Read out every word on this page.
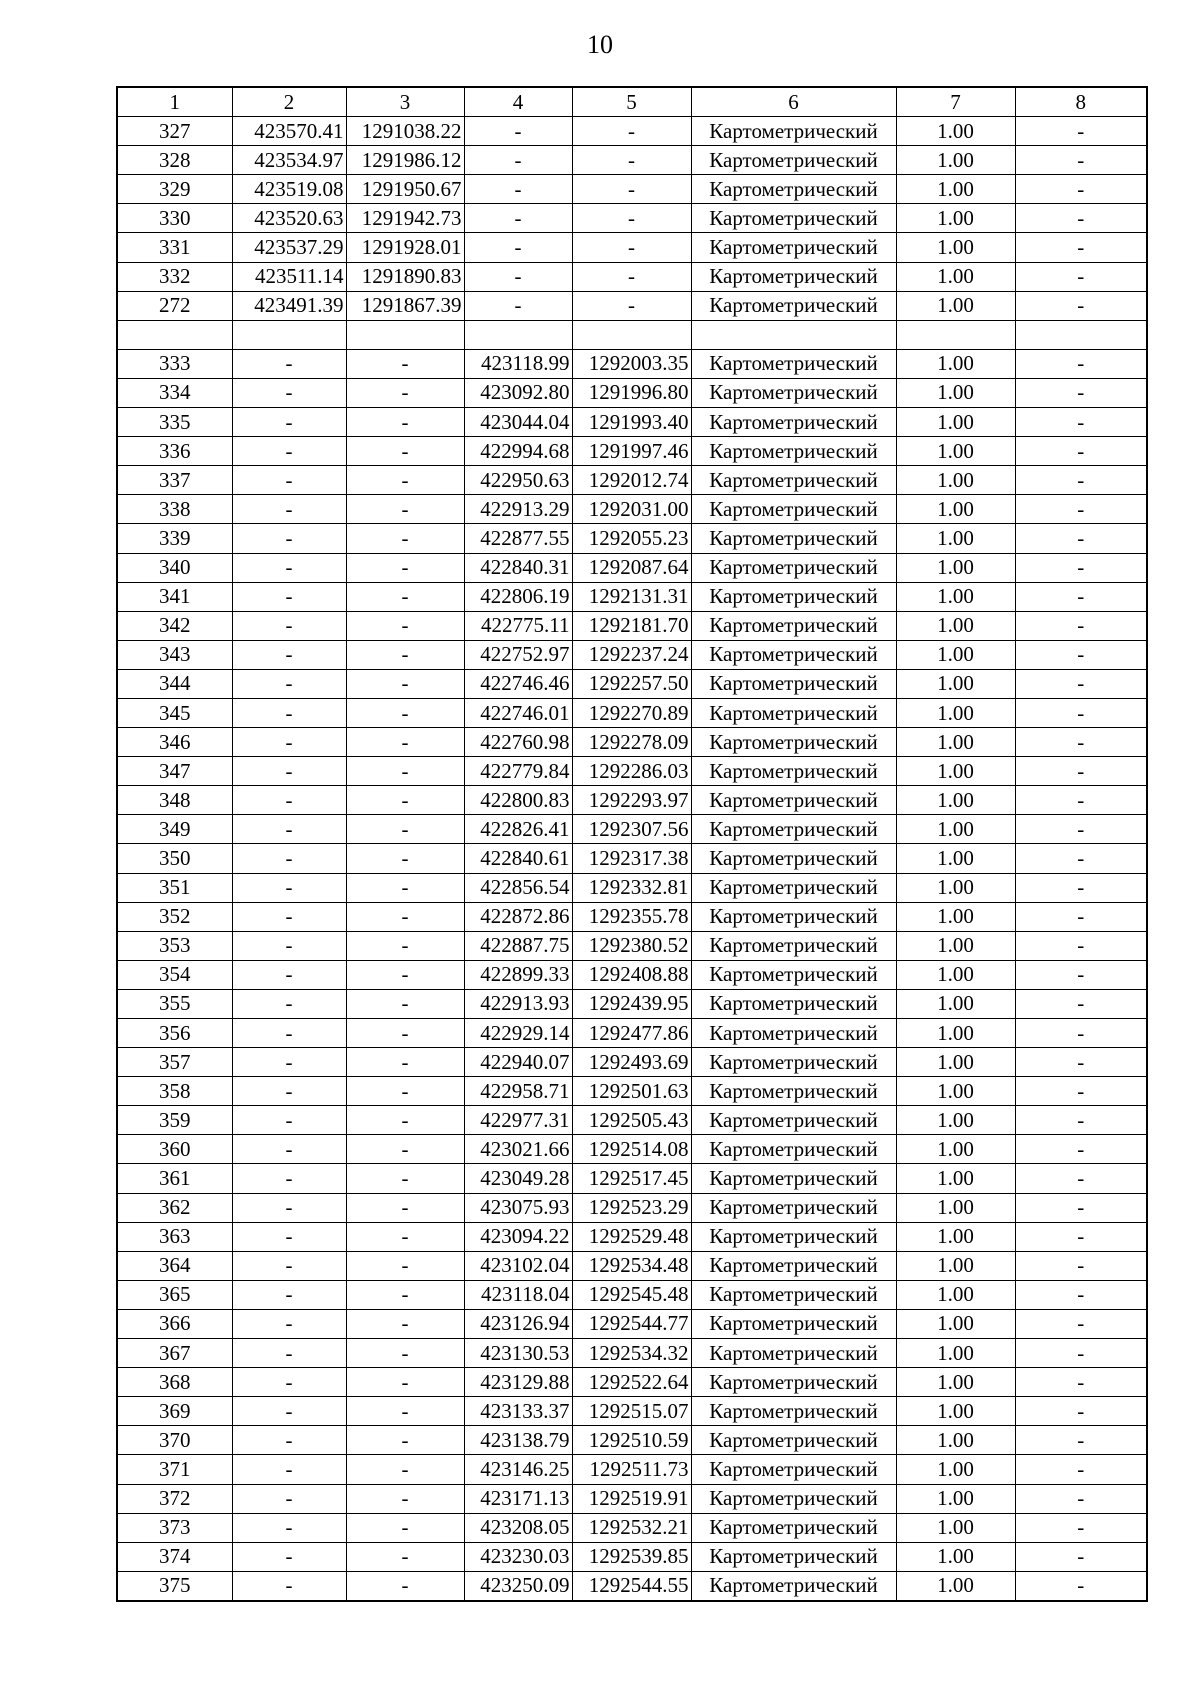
10
1	2	3	4	5	6	7	8
327	423570.41	1291038.22	-	-	Картометрический	1.00	-
328	423534.97	1291986.12	-	-	Картометрический	1.00	-
329	423519.08	1291950.67	-	-	Картометрический	1.00	-
330	423520.63	1291942.73	-	-	Картометрический	1.00	-
331	423537.29	1291928.01	-	-	Картометрический	1.00	-
332	423511.14	1291890.83	-	-	Картометрический	1.00	-
272	423491.39	1291867.39	-	-	Картометрический	1.00	-

333	-	-	423118.99	1292003.35	Картометрический	1.00	-
334	-	-	423092.80	1291996.80	Картометрический	1.00	-
335	-	-	423044.04	1291993.40	Картометрический	1.00	-
336	-	-	422994.68	1291997.46	Картометрический	1.00	-
337	-	-	422950.63	1292012.74	Картометрический	1.00	-
338	-	-	422913.29	1292031.00	Картометрический	1.00	-
339	-	-	422877.55	1292055.23	Картометрический	1.00	-
340	-	-	422840.31	1292087.64	Картометрический	1.00	-
341	-	-	422806.19	1292131.31	Картометрический	1.00	-
342	-	-	422775.11	1292181.70	Картометрический	1.00	-
343	-	-	422752.97	1292237.24	Картометрический	1.00	-
344	-	-	422746.46	1292257.50	Картометрический	1.00	-
345	-	-	422746.01	1292270.89	Картометрический	1.00	-
346	-	-	422760.98	1292278.09	Картометрический	1.00	-
347	-	-	422779.84	1292286.03	Картометрический	1.00	-
348	-	-	422800.83	1292293.97	Картометрический	1.00	-
349	-	-	422826.41	1292307.56	Картометрический	1.00	-
350	-	-	422840.61	1292317.38	Картометрический	1.00	-
351	-	-	422856.54	1292332.81	Картометрический	1.00	-
352	-	-	422872.86	1292355.78	Картометрический	1.00	-
353	-	-	422887.75	1292380.52	Картометрический	1.00	-
354	-	-	422899.33	1292408.88	Картометрический	1.00	-
355	-	-	422913.93	1292439.95	Картометрический	1.00	-
356	-	-	422929.14	1292477.86	Картометрический	1.00	-
357	-	-	422940.07	1292493.69	Картометрический	1.00	-
358	-	-	422958.71	1292501.63	Картометрический	1.00	-
359	-	-	422977.31	1292505.43	Картометрический	1.00	-
360	-	-	423021.66	1292514.08	Картометрический	1.00	-
361	-	-	423049.28	1292517.45	Картометрический	1.00	-
362	-	-	423075.93	1292523.29	Картометрический	1.00	-
363	-	-	423094.22	1292529.48	Картометрический	1.00	-
364	-	-	423102.04	1292534.48	Картометрический	1.00	-
365	-	-	423118.04	1292545.48	Картометрический	1.00	-
366	-	-	423126.94	1292544.77	Картометрический	1.00	-
367	-	-	423130.53	1292534.32	Картометрический	1.00	-
368	-	-	423129.88	1292522.64	Картометрический	1.00	-
369	-	-	423133.37	1292515.07	Картометрический	1.00	-
370	-	-	423138.79	1292510.59	Картометрический	1.00	-
371	-	-	423146.25	1292511.73	Картометрический	1.00	-
372	-	-	423171.13	1292519.91	Картометрический	1.00	-
373	-	-	423208.05	1292532.21	Картометрический	1.00	-
374	-	-	423230.03	1292539.85	Картометрический	1.00	-
375	-	-	423250.09	1292544.55	Картометрический	1.00	-
